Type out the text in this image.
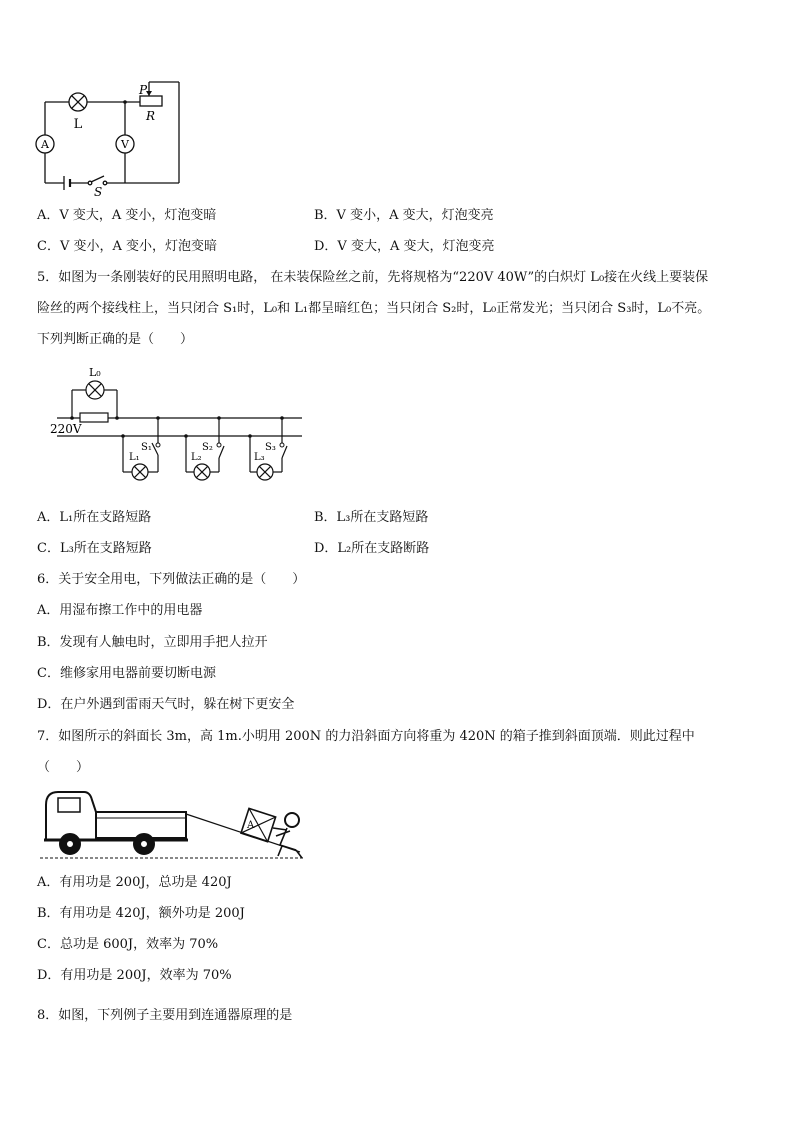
A	V
L
P
R
S
A．V 变大，A 变小，灯泡变暗	B．V 变小，A 变大，灯泡变亮
C．V 变小，A 变小，灯泡变暗	D．V 变大，A 变大，灯泡变亮
5．如图为一条刚装好的民用照明电路， 在未装保险丝之前，先将规格为“220V 40W”的白炽灯 L₀接在火线上要装保
险丝的两个接线柱上，当只闭合 S₁时，L₀和 L₁都呈暗红色；当只闭合 S₂时，L₀正常发光；当只闭合 S₃时，L₀不亮。
下列判断正确的是（　　）
L₀
220V
S₁
L₁
S₂
L₂
S₃
L₃
A．L₁所在支路短路	B．L₃所在支路短路
C．L₃所在支路短路	D．L₂所在支路断路
6．关于安全用电，下列做法正确的是（　　）
A．用湿布擦工作中的用电器
B．发现有人触电时，立即用手把人拉开
C．维修家用电器前要切断电源
D．在户外遇到雷雨天气时，躲在树下更安全
7．如图所示的斜面长 3m，高 1m.小明用 200N 的力沿斜面方向将重为 420N 的箱子推到斜面顶端．则此过程中
（　　）
A
A．有用功是 200J，总功是 420J
B．有用功是 420J，额外功是 200J
C．总功是 600J，效率为 70%
D．有用功是 200J，效率为 70%
8．如图，下列例子主要用到连通器原理的是
